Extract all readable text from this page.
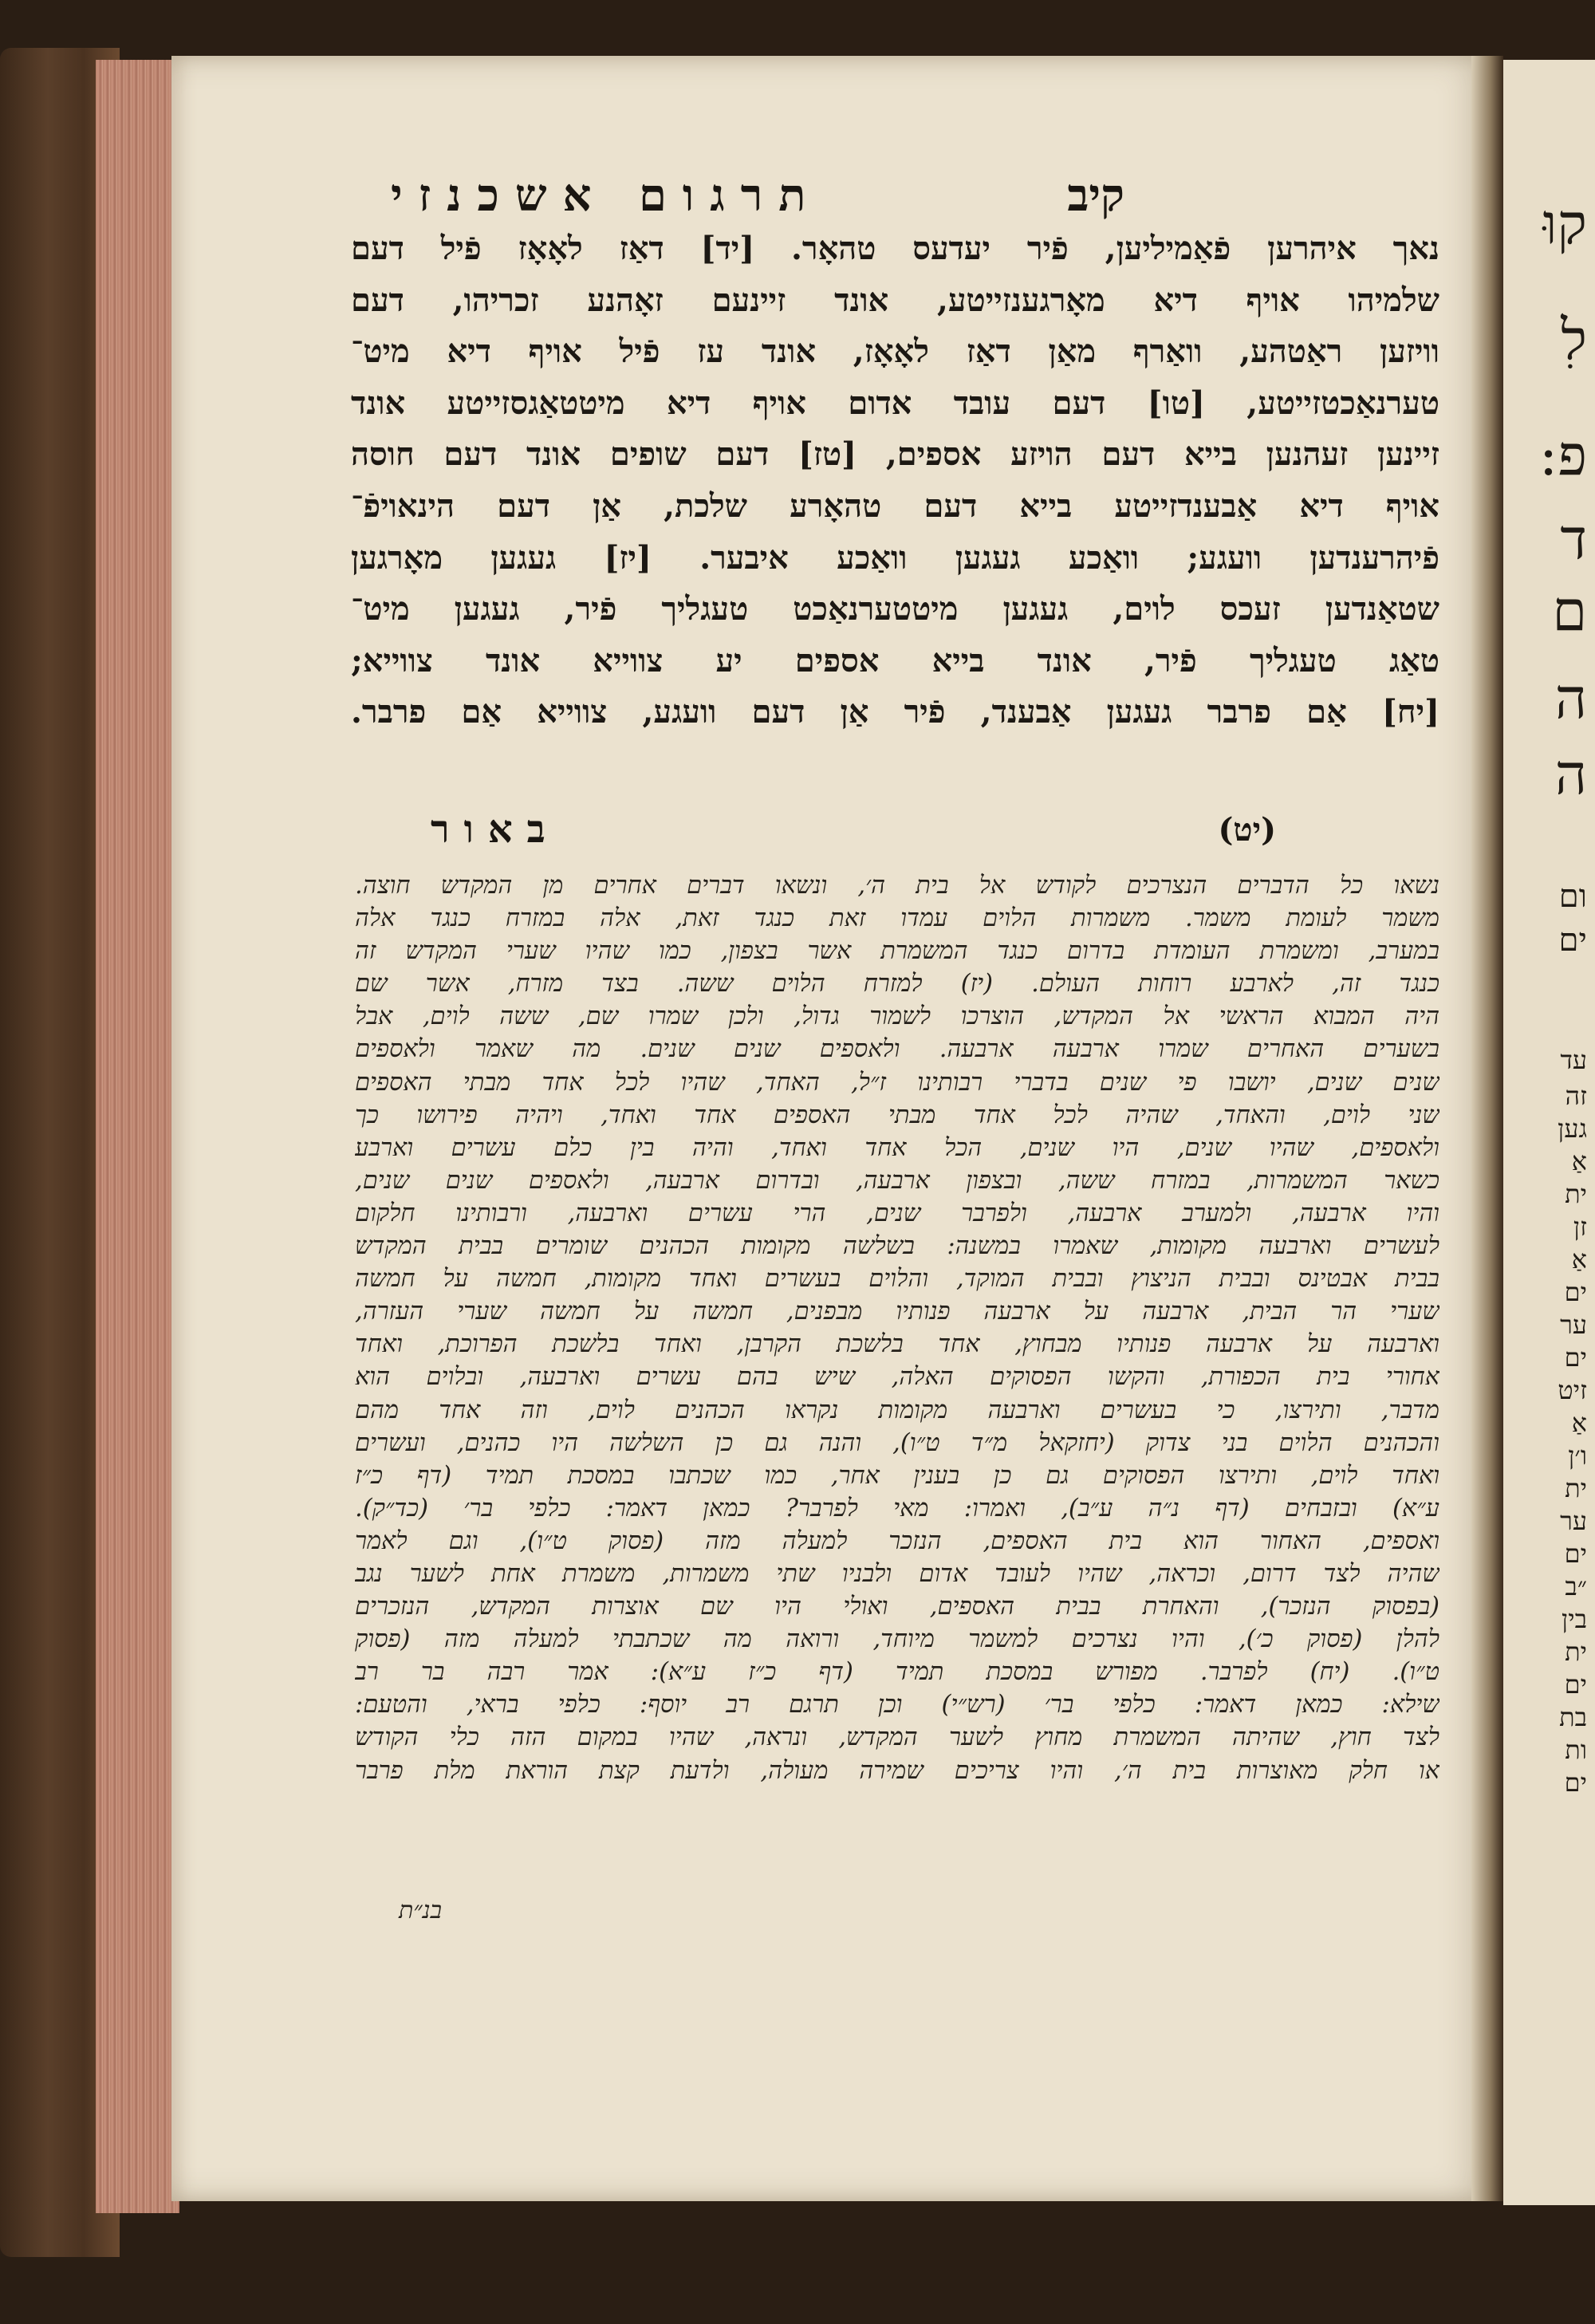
קיב
תרגום אשכנזי
נאך איהרען פֿאַמיליען, פֿיר יעדעס טהאָר. [יד] דאַז לאָאָז פֿיל דעם
שלמיהו אויף דיא מאָרגענזייטע, אונד זיינעם זאָהנע זכריהו, דעם
וויזען ראַטהע, וואַרף מאַן דאַז לאָאָז, אונד עז פֿיל אויף דיא מיט־
טערנאַכטזייטע, [טו] דעם עובד אדום אויף דיא מיטטאַגסזייטע אונד
זיינען זעהנען בייא דעם הויזע אספים, [טז] דעם שופים אונד דעם חוסה
אויף דיא אַבענדזייטע בייא דעם טהאָרע שלכת, אַן דעם הינאויפֿ־
פֿיהרענדען וועגע; וואַכע געגען וואַכע איבער. [יז] געגען מאָרגען
שטאַנדען זעכס לוים, געגען מיטטערנאַכט טעגליך פֿיר, געגען מיט־
טאַג טעגליך פֿיר, אונד בייא אספים יע צווייא אונד צווייא;
[יח] אַם פרבר געגען אַבענד, פֿיר אַן דעם וועגע, צווייא אַם פרבר.
(יט)
באור
נשאו כל הדברים הנצרכים לקודש אל בית ה׳, ונשאו דברים אחרים מן המקדש חוצה.
משמר לעומת משמר. משמרות הלוים עמדו זאת כנגד זאת, אלה במזרח כנגד אלה
במערב, ומשמרת העומדת בדרום כנגד המשמרת אשר בצפון, כמו שהיו שערי המקדש זה
כנגד זה, לארבע רוחות העולם. (יז) למזרח הלוים ששה. בצד מזרח, אשר שם
היה המבוא הראשי אל המקדש, הוצרכו לשמור גדול, ולכן שמרו שם, ששה לוים, אבל
בשערים האחרים שמרו ארבעה ארבעה. ולאספים שנים שנים. מה שאמר ולאספים
שנים שנים, יושבו פי שנים בדברי רבותינו ז״ל, האחד, שהיו לכל אחד מבתי האספים
שני לוים, והאחד, שהיה לכל אחד מבתי האספים אחד ואחד, ויהיה פירושו כך
ולאספים, שהיו שנים, היו שנים, הכל אחד ואחד, והיה בין כלם עשרים וארבע
כשאר המשמרות, במזרח ששה, ובצפון ארבעה, ובדרום ארבעה, ולאספים שנים שנים,
והיו ארבעה, ולמערב ארבעה, ולפרבר שנים, הרי עשרים וארבעה, ורבותינו חלקום
לעשרים וארבעה מקומות, שאמרו במשנה: בשלשה מקומות הכהנים שומרים בבית המקדש
בבית אבטינס ובבית הניצוץ ובבית המוקד, והלוים בעשרים ואחד מקומות, חמשה על חמשה
שערי הר הבית, ארבעה על ארבעה פנותיו מבפנים, חמשה על חמשה שערי העזרה,
וארבעה על ארבעה פנותיו מבחוץ, אחד בלשכת הקרבן, ואחד בלשכת הפרוכת, ואחד
אחורי בית הכפורת, והקשו הפסוקים האלה, שיש בהם עשרים וארבעה, ובלוים הוא
מדבר, ותירצו, כי בעשרים וארבעה מקומות נקראו הכהנים לוים, וזה אחד מהם
והכהנים הלוים בני צדוק (יחזקאל מ״ד ט״ו), והנה גם כן השלשה היו כהנים, ועשרים
ואחד לוים, ותירצו הפסוקים גם כן בענין אחר, כמו שכתבו במסכת תמיד (דף כ״ז
ע״א) ובזבחים (דף נ״ה ע״ב), ואמרו: מאי לפרבר? כמאן דאמר: כלפי בר׳ (כד״ק).
ואספים, האחור הוא בית האספים, הנזכר למעלה מזה (פסוק ט״ו), וגם לאמר
שהיה לצד דרום, וכראה, שהיו לעובד אדום ולבניו שתי משמרות, משמרת אחת לשער נגב
(בפסוק הנזכר), והאחרת בבית האספים, ואולי היו שם אוצרות המקדש, הנזכרים
להלן (פסוק כ׳), והיו נצרכים למשמר מיוחד, ורואה מה שכתבתי למעלה מזה (פסוק
ט״ו). (יח) לפרבר. מפורש במסכת תמיד (דף כ״ז ע״א): אמר רבה בר רב
שילא: כמאן דאמר: כלפי בר׳ (רש״י) וכן תרגם רב יוסף: כלפי בראי, והטעם:
לצד חוץ, שהיתה המשמרת מחוץ לשער המקדש, ונראה, שהיו במקום הזה כלי הקודש
או חלק מאוצרות בית ה׳, והיו צריכים שמירה מעולה, ולדעת קצת הוראת מלת פרבר
בנ״ת
קוּ
לִ
פ:
ד
ם
ה
ה
ום
ים
עד
זה
גען
אַ
ית
זן
אַ
ים
ער
ים
זיט
אַ
ו׳ן
ית
ער
ים
״ב
בין
ית
ים
בת
ות
ים
